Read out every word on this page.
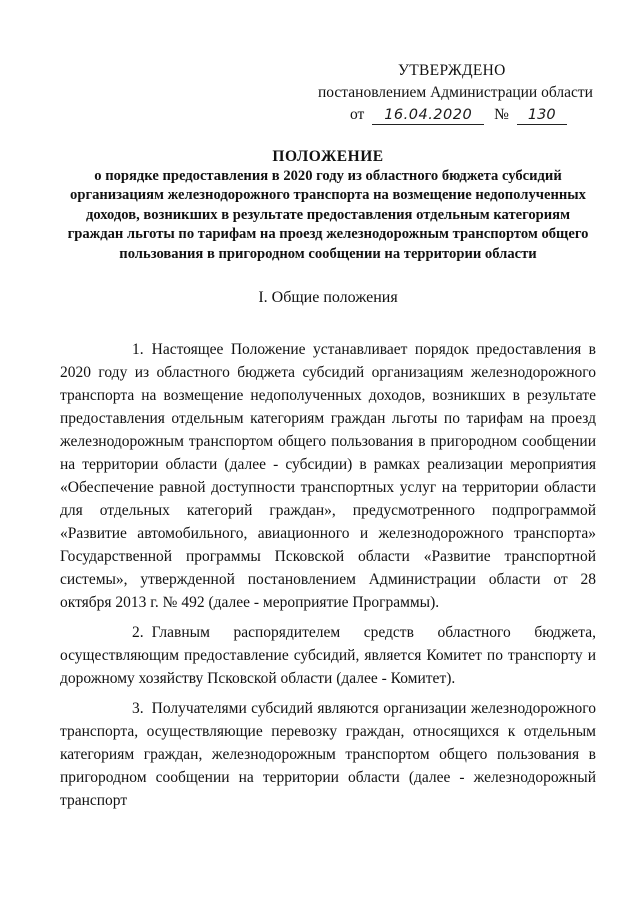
УТВЕРЖДЕНО
постановлением Администрации области
от 16.04.2020 № 130
ПОЛОЖЕНИЕ
о порядке предоставления в 2020 году из областного бюджета субсидий организациям железнодорожного транспорта на возмещение недополученных доходов, возникших в результате предоставления отдельным категориям граждан льготы по тарифам на проезд железнодорожным транспортом общего пользования в пригородном сообщении на территории области
I. Общие положения

1. Настоящее Положение устанавливает порядок предоставления в 2020 году из областного бюджета субсидий организациям железнодорожного транспорта на возмещение недополученных доходов, возникших в результате предоставления отдельным категориям граждан льготы по тарифам на проезд железнодорожным транспортом общего пользования в пригородном сообщении на территории области (далее - субсидии) в рамках реализации мероприятия «Обеспечение равной доступности транспортных услуг на территории области для отдельных категорий граждан», предусмотренного подпрограммой «Развитие автомобильного, авиационного и железнодорожного транспорта» Государственной программы Псковской области «Развитие транспортной системы», утвержденной постановлением Администрации области от 28 октября 2013 г. № 492 (далее - мероприятие Программы).

2. Главным распорядителем средств областного бюджета, осуществляющим предоставление субсидий, является Комитет по транспорту и дорожному хозяйству Псковской области (далее - Комитет).

3. Получателями субсидий являются организации железнодорожного транспорта, осуществляющие перевозку граждан, относящихся к отдельным категориям граждан, железнодорожным транспортом общего пользования в пригородном сообщении на территории области (далее - железнодорожный транспорт
